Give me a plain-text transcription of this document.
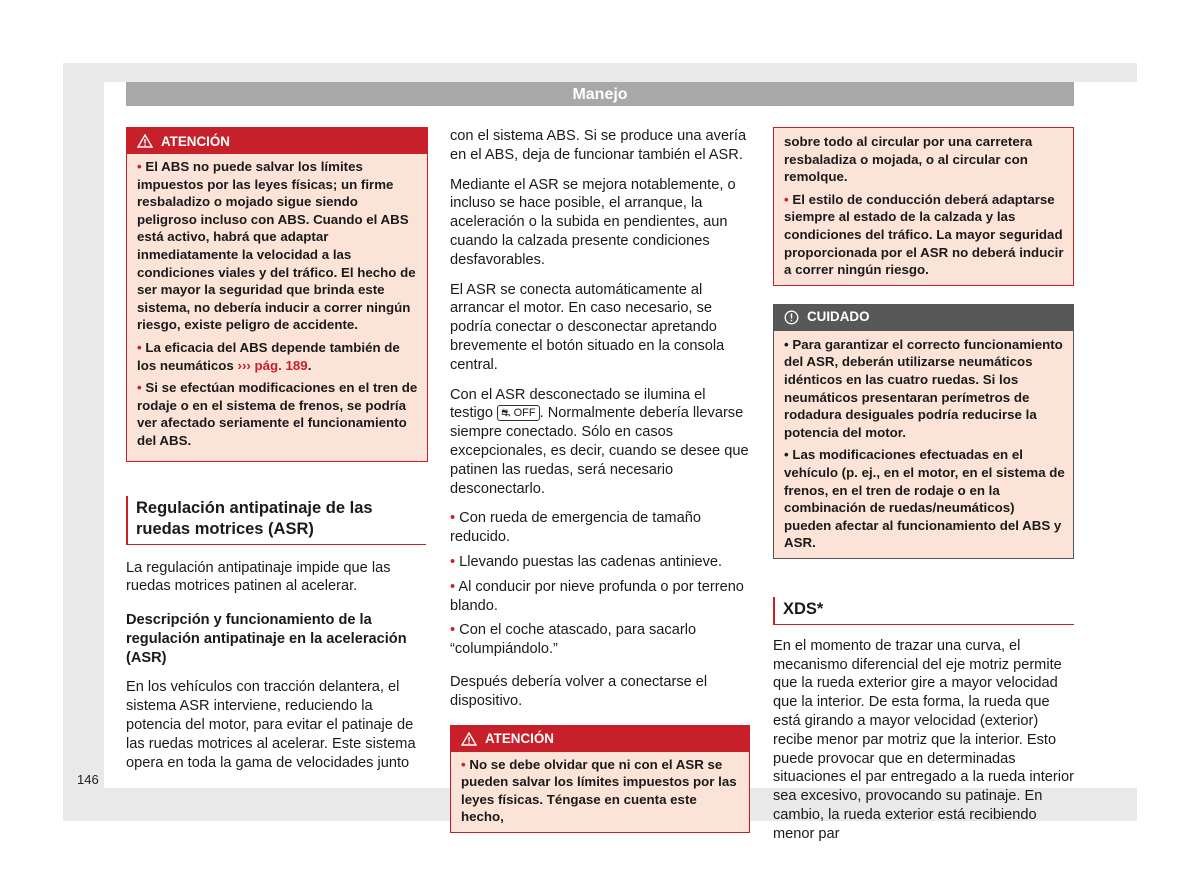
Manejo
ATENCIÓN
• El ABS no puede salvar los límites impuestos por las leyes físicas; un firme resbaladizo o mojado sigue siendo peligroso incluso con ABS. Cuando el ABS está activo, habrá que adaptar inmediatamente la velocidad a las condiciones viales y del tráfico. El hecho de ser mayor la seguridad que brinda este sistema, no debería inducir a correr ningún riesgo, existe peligro de accidente.
• La eficacia del ABS depende también de los neumáticos ››› pág. 189.
• Si se efectúan modificaciones en el tren de rodaje o en el sistema de frenos, se podría ver afectado seriamente el funcionamiento del ABS.
Regulación antipatinaje de las ruedas motrices (ASR)

La regulación antipatinaje impide que las ruedas motrices patinen al acelerar.

Descripción y funcionamiento de la regulación antipatinaje en la aceleración (ASR)

En los vehículos con tracción delantera, el sistema ASR interviene, reduciendo la potencia del motor, para evitar el patinaje de las ruedas motrices al acelerar. Este sistema opera en toda la gama de velocidades junto

con el sistema ABS. Si se produce una avería en el ABS, deja de funcionar también el ASR.

Mediante el ASR se mejora notablemente, o incluso se hace posible, el arranque, la aceleración o la subida en pendientes, aun cuando la calzada presente condiciones desfavorables.

El ASR se conecta automáticamente al arrancar el motor. En caso necesario, se podría conectar o desconectar apretando brevemente el botón situado en la consola central.

Con el ASR desconectado se ilumina el testigo ⛐ OFF . Normalmente debería llevarse siempre conectado. Sólo en casos excepcionales, es decir, cuando se desee que patinen las ruedas, será necesario desconectarlo.

• Con rueda de emergencia de tamaño reducido.
• Llevando puestas las cadenas antinieve.
• Al conducir por nieve profunda o por terreno blando.
• Con el coche atascado, para sacarlo “columpiándolo.”

Después debería volver a conectarse el dispositivo.

ATENCIÓN
• No se debe olvidar que ni con el ASR se pueden salvar los límites impuestos por las leyes físicas. Téngase en cuenta este hecho,
sobre todo al circular por una carretera resbaladiza o mojada, o al circular con remolque.
• El estilo de conducción deberá adaptarse siempre al estado de la calzada y las condiciones del tráfico. La mayor seguridad proporcionada por el ASR no deberá inducir a correr ningún riesgo.
CUIDADO
• Para garantizar el correcto funcionamiento del ASR, deberán utilizarse neumáticos idénticos en las cuatro ruedas. Si los neumáticos presentaran perímetros de rodadura desiguales podría reducirse la potencia del motor.
• Las modificaciones efectuadas en el vehículo (p. ej., en el motor, en el sistema de frenos, en el tren de rodaje o en la combinación de ruedas/neumáticos) pueden afectar al funcionamiento del ABS y ASR.
XDS*

En el momento de trazar una curva, el mecanismo diferencial del eje motriz permite que la rueda exterior gire a mayor velocidad que la interior. De esta forma, la rueda que está girando a mayor velocidad (exterior) recibe menor par motriz que la interior. Esto puede provocar que en determinadas situaciones el par entregado a la rueda interior sea excesivo, provocando su patinaje. En cambio, la rueda exterior está recibiendo menor par

146
